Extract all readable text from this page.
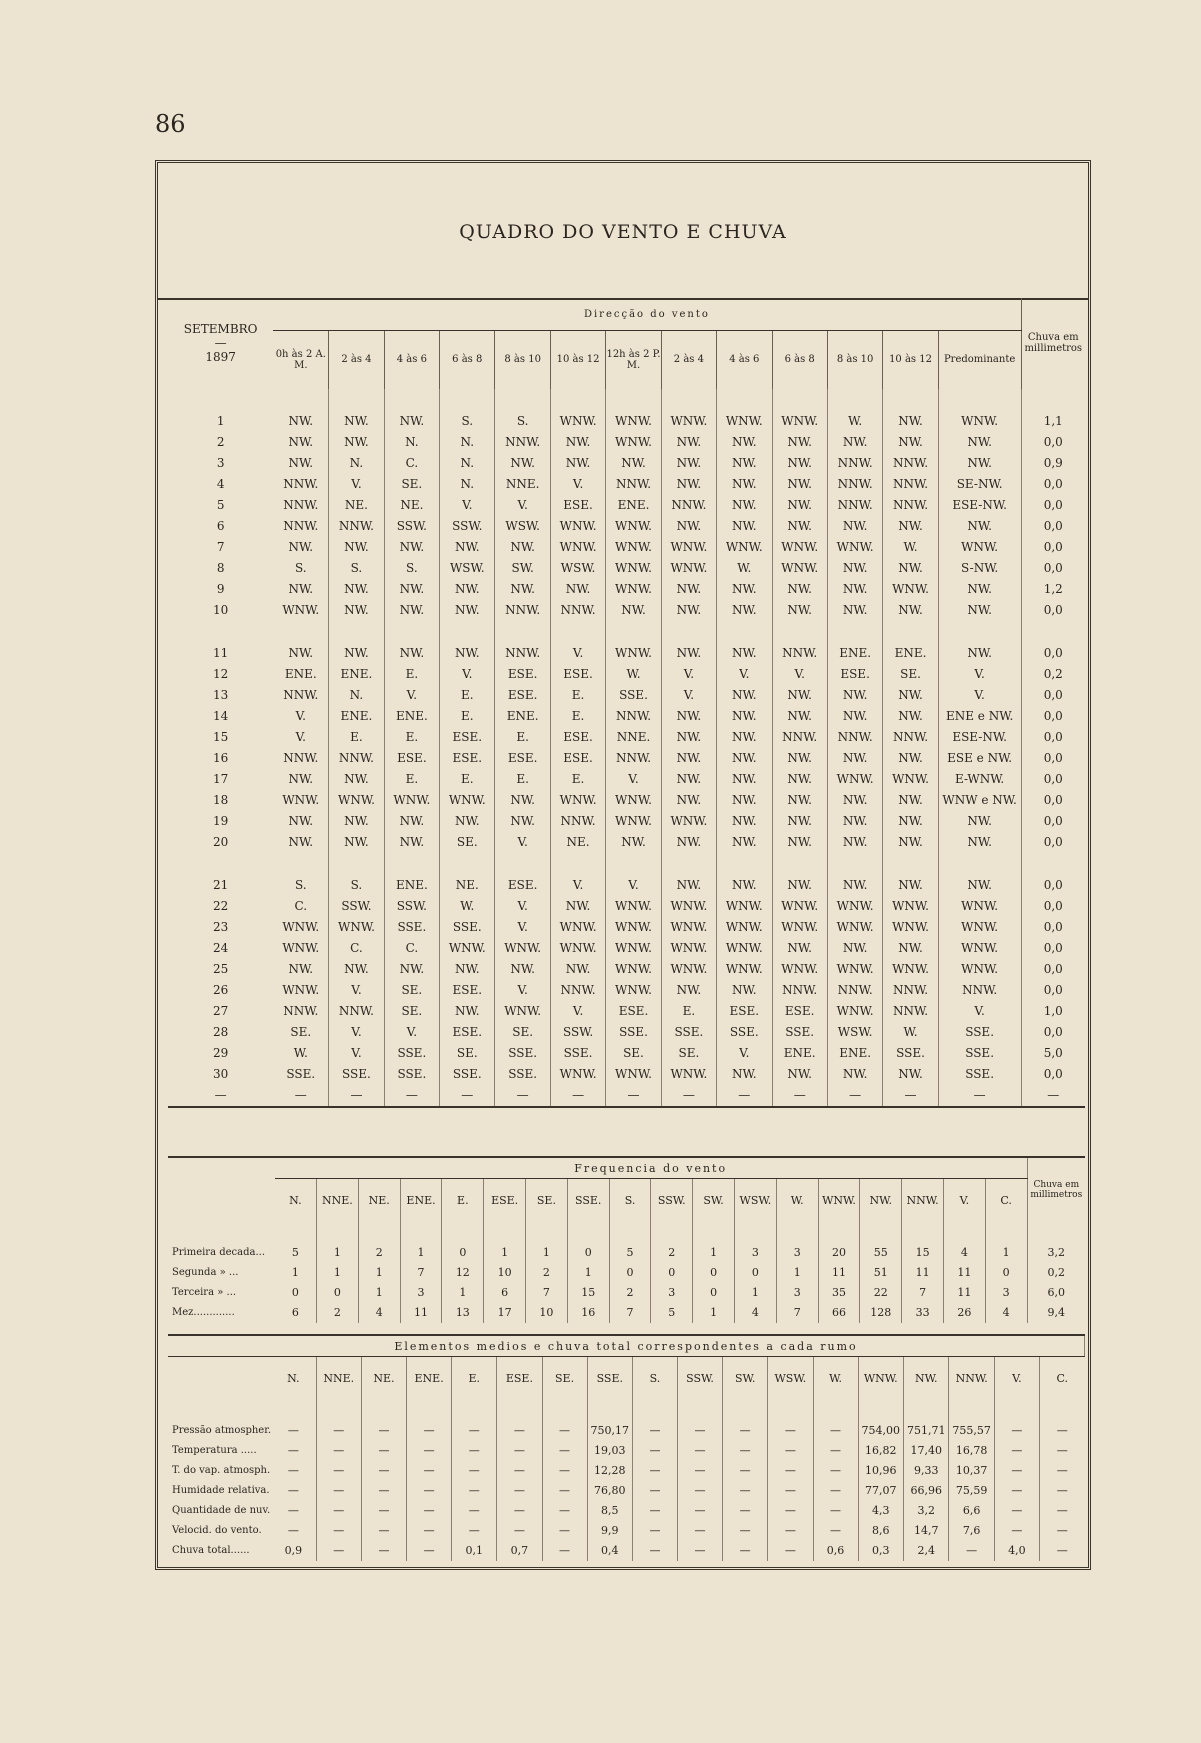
86
QUADRO DO VENTO E CHUVA
SETEMBRO
—
1897	Direcção do vento													Chuva em millimetros
	0h às 2 A. M.	2 às 4	4 às 6	6 às 8	8 às 10	10 às 12	12h às 2 P. M.	2 às 4	4 às 6	6 às 8	8 às 10	10 às 12	Predominante	

1	NW.	NW.	NW.	S.	S.	WNW.	WNW.	WNW.	WNW.	WNW.	W.	NW.	WNW.	1,1
2	NW.	NW.	N.	N.	NNW.	NW.	WNW.	NW.	NW.	NW.	NW.	NW.	NW.	0,0
3	NW.	N.	C.	N.	NW.	NW.	NW.	NW.	NW.	NW.	NNW.	NNW.	NW.	0,9
4	NNW.	V.	SE.	N.	NNE.	V.	NNW.	NW.	NW.	NW.	NNW.	NNW.	SE-NW.	0,0
5	NNW.	NE.	NE.	V.	V.	ESE.	ENE.	NNW.	NW.	NW.	NNW.	NNW.	ESE-NW.	0,0
6	NNW.	NNW.	SSW.	SSW.	WSW.	WNW.	WNW.	NW.	NW.	NW.	NW.	NW.	NW.	0,0
7	NW.	NW.	NW.	NW.	NW.	WNW.	WNW.	WNW.	WNW.	WNW.	WNW.	W.	WNW.	0,0
8	S.	S.	S.	WSW.	SW.	WSW.	WNW.	WNW.	W.	WNW.	NW.	NW.	S-NW.	0,0
9	NW.	NW.	NW.	NW.	NW.	NW.	WNW.	NW.	NW.	NW.	NW.	WNW.	NW.	1,2
10	WNW.	NW.	NW.	NW.	NNW.	NNW.	NW.	NW.	NW.	NW.	NW.	NW.	NW.	0,0

11	NW.	NW.	NW.	NW.	NNW.	V.	WNW.	NW.	NW.	NNW.	ENE.	ENE.	NW.	0,0
12	ENE.	ENE.	E.	V.	ESE.	ESE.	W.	V.	V.	V.	ESE.	SE.	V.	0,2
13	NNW.	N.	V.	E.	ESE.	E.	SSE.	V.	NW.	NW.	NW.	NW.	V.	0,0
14	V.	ENE.	ENE.	E.	ENE.	E.	NNW.	NW.	NW.	NW.	NW.	NW.	ENE e NW.	0,0
15	V.	E.	E.	ESE.	E.	ESE.	NNE.	NW.	NW.	NNW.	NNW.	NNW.	ESE-NW.	0,0
16	NNW.	NNW.	ESE.	ESE.	ESE.	ESE.	NNW.	NW.	NW.	NW.	NW.	NW.	ESE e NW.	0,0
17	NW.	NW.	E.	E.	E.	E.	V.	NW.	NW.	NW.	WNW.	WNW.	E-WNW.	0,0
18	WNW.	WNW.	WNW.	WNW.	NW.	WNW.	WNW.	NW.	NW.	NW.	NW.	NW.	WNW e NW.	0,0
19	NW.	NW.	NW.	NW.	NW.	NNW.	WNW.	WNW.	NW.	NW.	NW.	NW.	NW.	0,0
20	NW.	NW.	NW.	SE.	V.	NE.	NW.	NW.	NW.	NW.	NW.	NW.	NW.	0,0

21	S.	S.	ENE.	NE.	ESE.	V.	V.	NW.	NW.	NW.	NW.	NW.	NW.	0,0
22	C.	SSW.	SSW.	W.	V.	NW.	WNW.	WNW.	WNW.	WNW.	WNW.	WNW.	WNW.	0,0
23	WNW.	WNW.	SSE.	SSE.	V.	WNW.	WNW.	WNW.	WNW.	WNW.	WNW.	WNW.	WNW.	0,0
24	WNW.	C.	C.	WNW.	WNW.	WNW.	WNW.	WNW.	WNW.	NW.	NW.	NW.	WNW.	0,0
25	NW.	NW.	NW.	NW.	NW.	NW.	WNW.	WNW.	WNW.	WNW.	WNW.	WNW.	WNW.	0,0
26	WNW.	V.	SE.	ESE.	V.	NNW.	WNW.	NW.	NW.	NNW.	NNW.	NNW.	NNW.	0,0
27	NNW.	NNW.	SE.	NW.	WNW.	V.	ESE.	E.	ESE.	ESE.	WNW.	NNW.	V.	1,0
28	SE.	V.	V.	ESE.	SE.	SSW.	SSE.	SSE.	SSE.	SSE.	WSW.	W.	SSE.	0,0
29	W.	V.	SSE.	SE.	SSE.	SSE.	SE.	SE.	V.	ENE.	ENE.	SSE.	SSE.	5,0
30	SSE.	SSE.	SSE.	SSE.	SSE.	WNW.	WNW.	WNW.	NW.	NW.	NW.	NW.	SSE.	0,0
—	—	—	—	—	—	—	—	—	—	—	—	—	—	—
	Frequencia do vento																		Chuva em millimetros
	N.	NNE.	NE.	ENE.	E.	ESE.	SE.	SSE.	S.	SSW.	SW.	WSW.	W.	WNW.	NW.	NNW.	V.	C.	

Primeira decada...	5	1	2	1	0	1	1	0	5	2	1	3	3	20	55	15	4	1	3,2
Segunda » ...	1	1	1	7	12	10	2	1	0	0	0	0	1	11	51	11	11	0	0,2
Terceira » ...	0	0	1	3	1	6	7	15	2	3	0	1	3	35	22	7	11	3	6,0
Mez.............	6	2	4	11	13	17	10	16	7	5	1	4	7	66	128	33	26	4	9,4
Elementos medios e chuva total correspondentes a cada rumo																		
	N.	NNE.	NE.	ENE.	E.	ESE.	SE.	SSE.	S.	SSW.	SW.	WSW.	W.	WNW.	NW.	NNW.	V.	C.

Pressão atmospher.	—	—	—	—	—	—	—	750,17	—	—	—	—	—	754,00	751,71	755,57	—	—
Temperatura .....	—	—	—	—	—	—	—	19,03	—	—	—	—	—	16,82	17,40	16,78	—	—
T. do vap. atmosph.	—	—	—	—	—	—	—	12,28	—	—	—	—	—	10,96	9,33	10,37	—	—
Humidade relativa.	—	—	—	—	—	—	—	76,80	—	—	—	—	—	77,07	66,96	75,59	—	—
Quantidade de nuv.	—	—	—	—	—	—	—	8,5	—	—	—	—	—	4,3	3,2	6,6	—	—
Velocid. do vento.	—	—	—	—	—	—	—	9,9	—	—	—	—	—	8,6	14,7	7,6	—	—
Chuva total......	0,9	—	—	—	0,1	0,7	—	0,4	—	—	—	—	0,6	0,3	2,4	—	4,0	—
